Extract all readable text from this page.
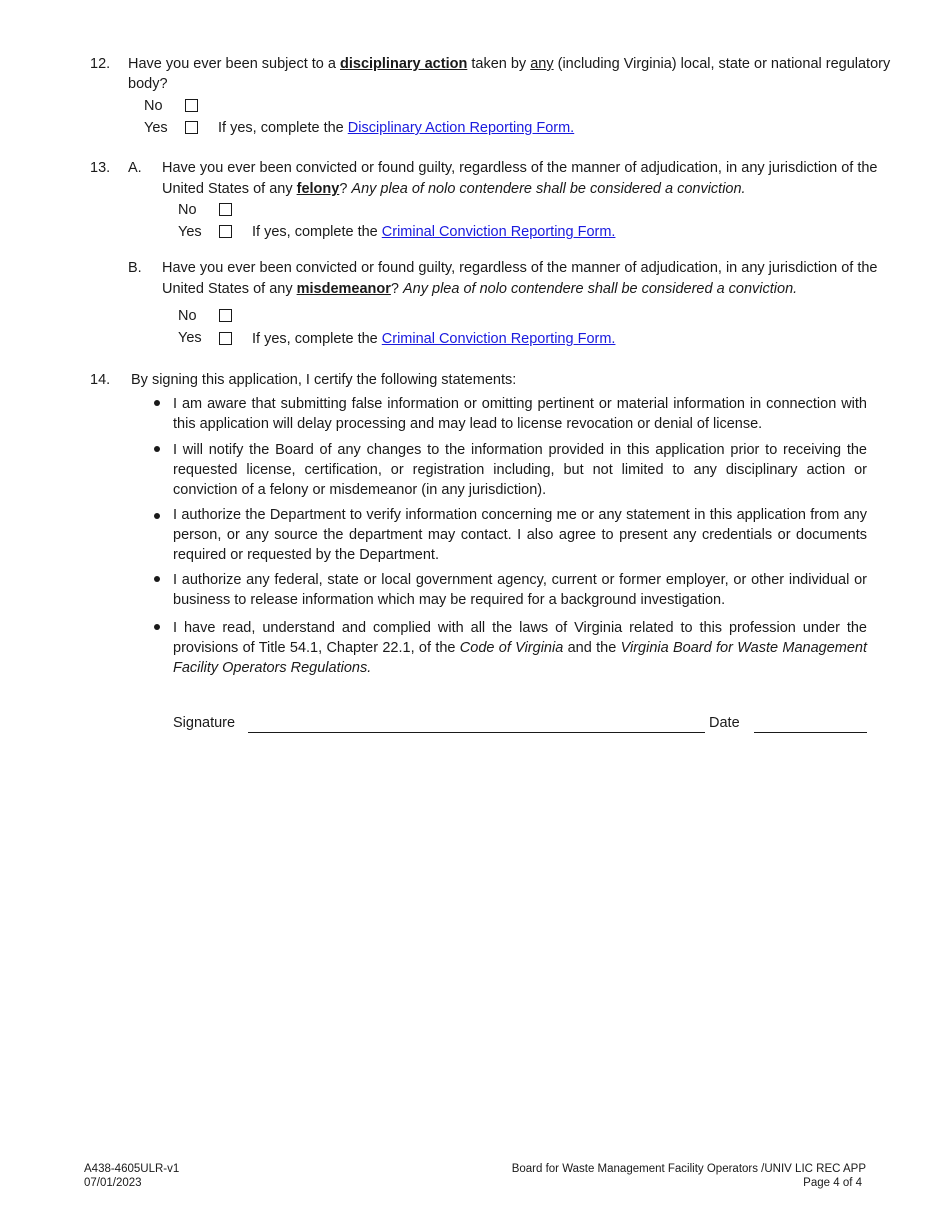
12. Have you ever been subject to a disciplinary action taken by any (including Virginia) local, state or national regulatory
body?
No
Yes	If yes, complete the Disciplinary Action Reporting Form.
13. A. Have you ever been convicted or found guilty, regardless of the manner of adjudication, in any jurisdiction of the
United States of any felony? Any plea of nolo contendere shall be considered a conviction.
No
Yes	If yes, complete the Criminal Conviction Reporting Form.
B. Have you ever been convicted or found guilty, regardless of the manner of adjudication, in any jurisdiction of the
United States of any misdemeanor? Any plea of nolo contendere shall be considered a conviction.
No
Yes	If yes, complete the Criminal Conviction Reporting Form.
14. By signing this application, I certify the following statements:
I am aware that submitting false information or omitting pertinent or material information in connection with this application will delay processing and may lead to license revocation or denial of license.
I will notify the Board of any changes to the information provided in this application prior to receiving the requested license, certification, or registration including, but not limited to any disciplinary action or conviction of a felony or misdemeanor (in any jurisdiction).
I authorize the Department to verify information concerning me or any statement in this application from any person, or any source the department may contact. I also agree to present any credentials or documents required or requested by the Department.
I authorize any federal, state or local government agency, current or former employer, or other individual or business to release information which may be required for a background investigation.
I have read, understand and complied with all the laws of Virginia related to this profession under the provisions of Title 54.1, Chapter 22.1, of the Code of Virginia and the Virginia Board for Waste Management Facility Operators Regulations.
Signature	Date
A438-4605ULR-v1
07/01/2023
Board for Waste Management Facility Operators /UNIV LIC REC APP
Page 4 of 4
